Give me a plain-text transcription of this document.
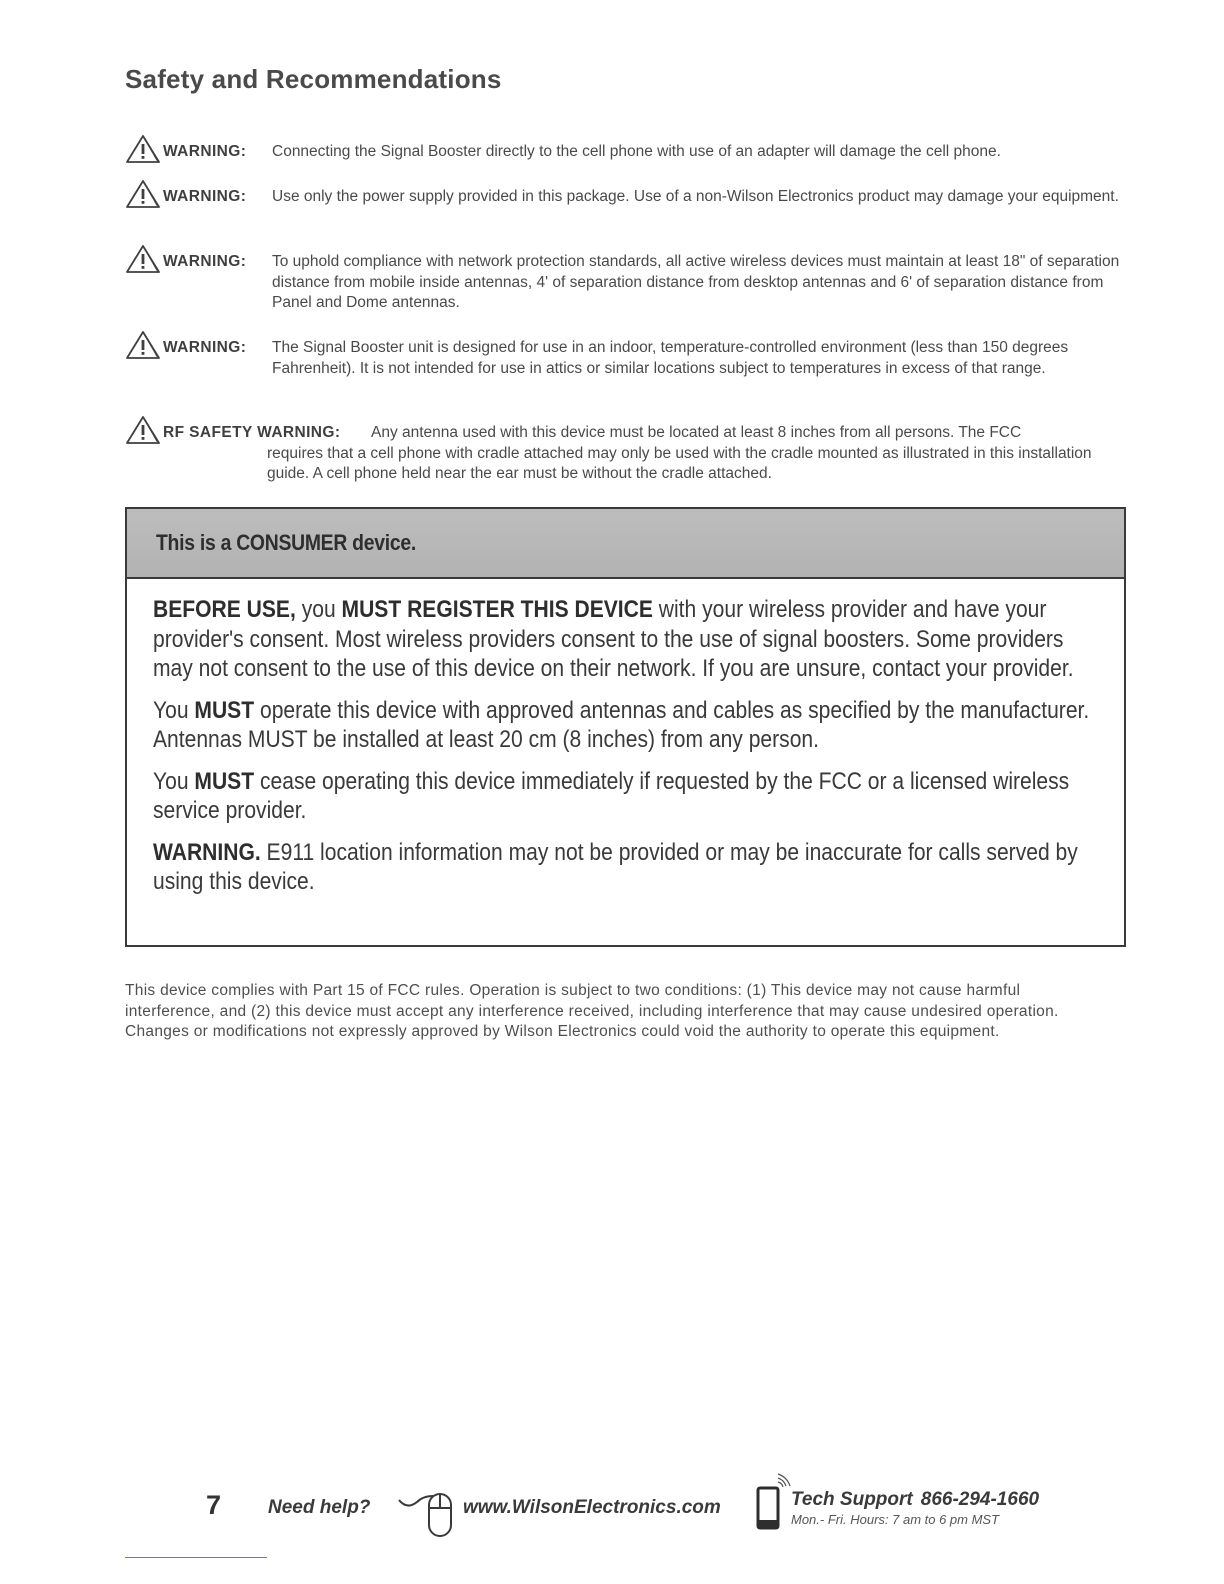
Safety and Recommendations
WARNING: Connecting the Signal Booster directly to the cell phone with use of an adapter will damage the cell phone.
WARNING: Use only the power supply provided in this package. Use of a non-Wilson Electronics product may damage your equipment.
WARNING: To uphold compliance with network protection standards, all active wireless devices must maintain at least 18" of separation distance from mobile inside antennas, 4' of separation distance from desktop antennas and 6' of separation distance from Panel and Dome antennas.
WARNING: The Signal Booster unit is designed for use in an indoor, temperature-controlled environment (less than 150 degrees Fahrenheit). It is not intended for use in attics or similar locations subject to temperatures in excess of that range.
RF SAFETY WARNING: Any antenna used with this device must be located at least 8 inches from all persons. The FCC
requires that a cell phone with cradle attached may only be used with the cradle mounted as illustrated in this installation guide. A cell phone held near the ear must be without the cradle attached.
This is a CONSUMER device.

BEFORE USE, you MUST REGISTER THIS DEVICE with your wireless provider and have your provider's consent. Most wireless providers consent to the use of signal boosters. Some providers may not consent to the use of this device on their network. If you are unsure, contact your provider.

You MUST operate this device with approved antennas and cables as specified by the manufacturer. Antennas MUST be installed at least 20 cm (8 inches) from any person.

You MUST cease operating this device immediately if requested by the FCC or a licensed wireless service provider.

WARNING. E911 location information may not be provided or may be inaccurate for calls served by using this device.

This device complies with Part 15 of FCC rules. Operation is subject to two conditions: (1) This device may not cause harmful interference, and (2) this device must accept any interference received, including interference that may cause undesired operation. Changes or modifications not expressly approved by Wilson Electronics could void the authority to operate this equipment.
7 Need help?	www.WilsonElectronics.com	Tech Support 866-294-1660
Mon.- Fri. Hours: 7 am to 6 pm MST
